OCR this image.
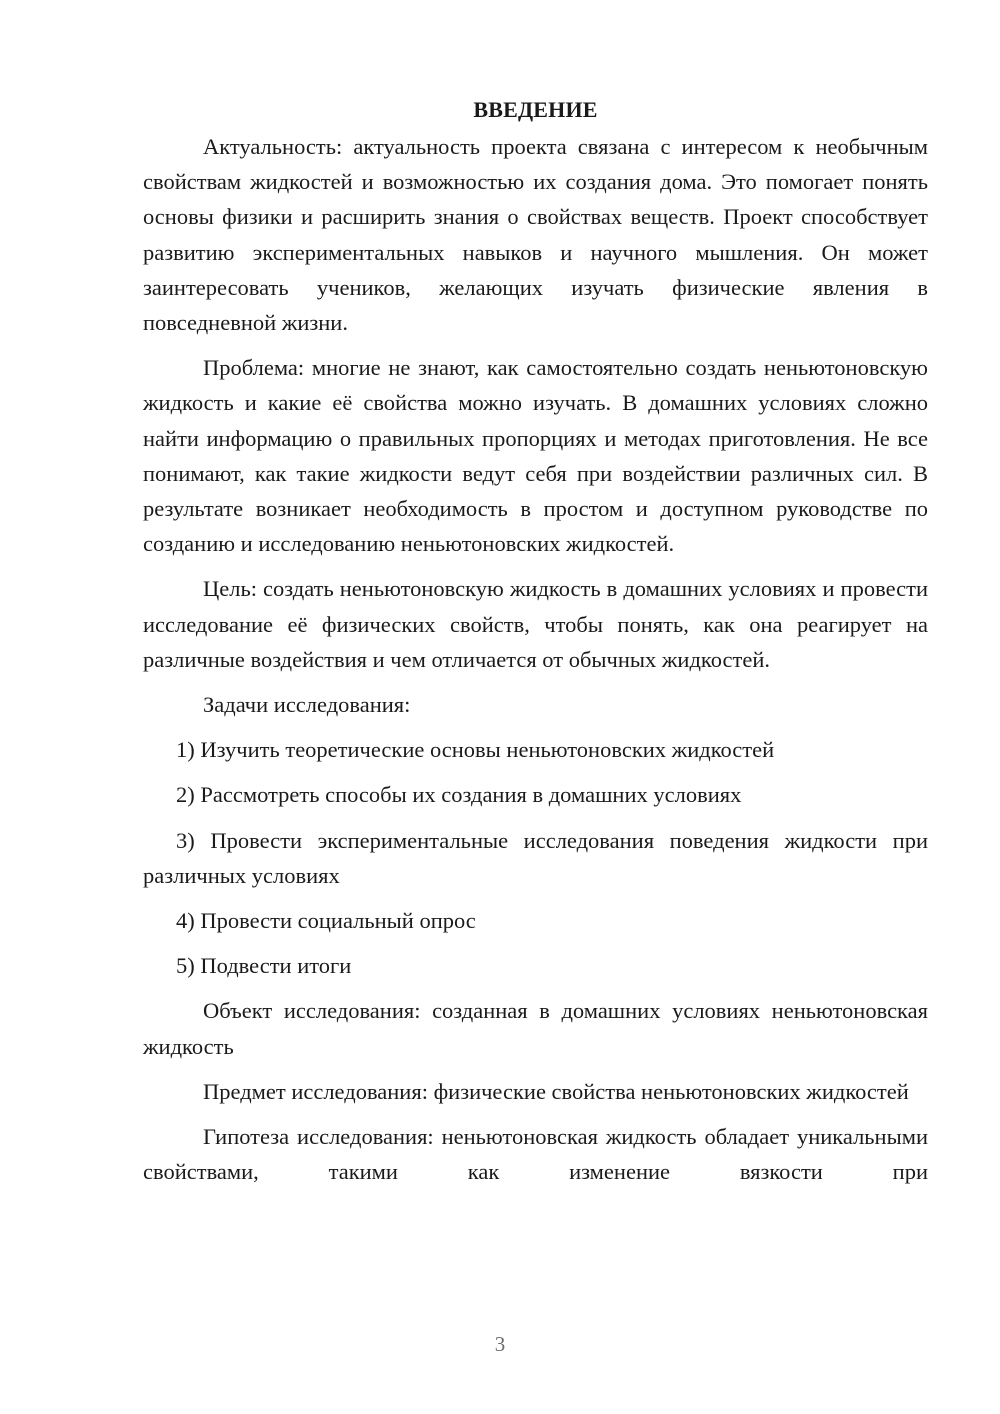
ВВЕДЕНИЕ

Актуальность: актуальность проекта связана с интересом к необычным свойствам жидкостей и возможностью их создания дома. Это помогает понять основы физики и расширить знания о свойствах веществ. Проект способствует развитию экспериментальных навыков и научного мышления. Он может заинтересовать учеников, желающих изучать физические явления в повседневной жизни.

Проблема: многие не знают, как самостоятельно создать неньютоновскую жидкость и какие её свойства можно изучать. В домашних условиях сложно найти информацию о правильных пропорциях и методах приготовления. Не все понимают, как такие жидкости ведут себя при воздействии различных сил. В результате возникает необходимость в простом и доступном руководстве по созданию и исследованию неньютоновских жидкостей.

Цель: создать неньютоновскую жидкость в домашних условиях и провести исследование её физических свойств, чтобы понять, как она реагирует на различные воздействия и чем отличается от обычных жидкостей.

Задачи исследования:

1) Изучить теоретические основы неньютоновских жидкостей

2) Рассмотреть способы их создания в домашних условиях

3) Провести экспериментальные исследования поведения жидкости при различных условиях

4) Провести социальный опрос

5) Подвести итоги

Объект исследования: созданная в домашних условиях неньютоновская жидкость

Предмет исследования: физические свойства неньютоновских жидкостей

Гипотеза исследования: неньютоновская жидкость обладает уникальными свойствами, такими как изменение вязкости при

3
